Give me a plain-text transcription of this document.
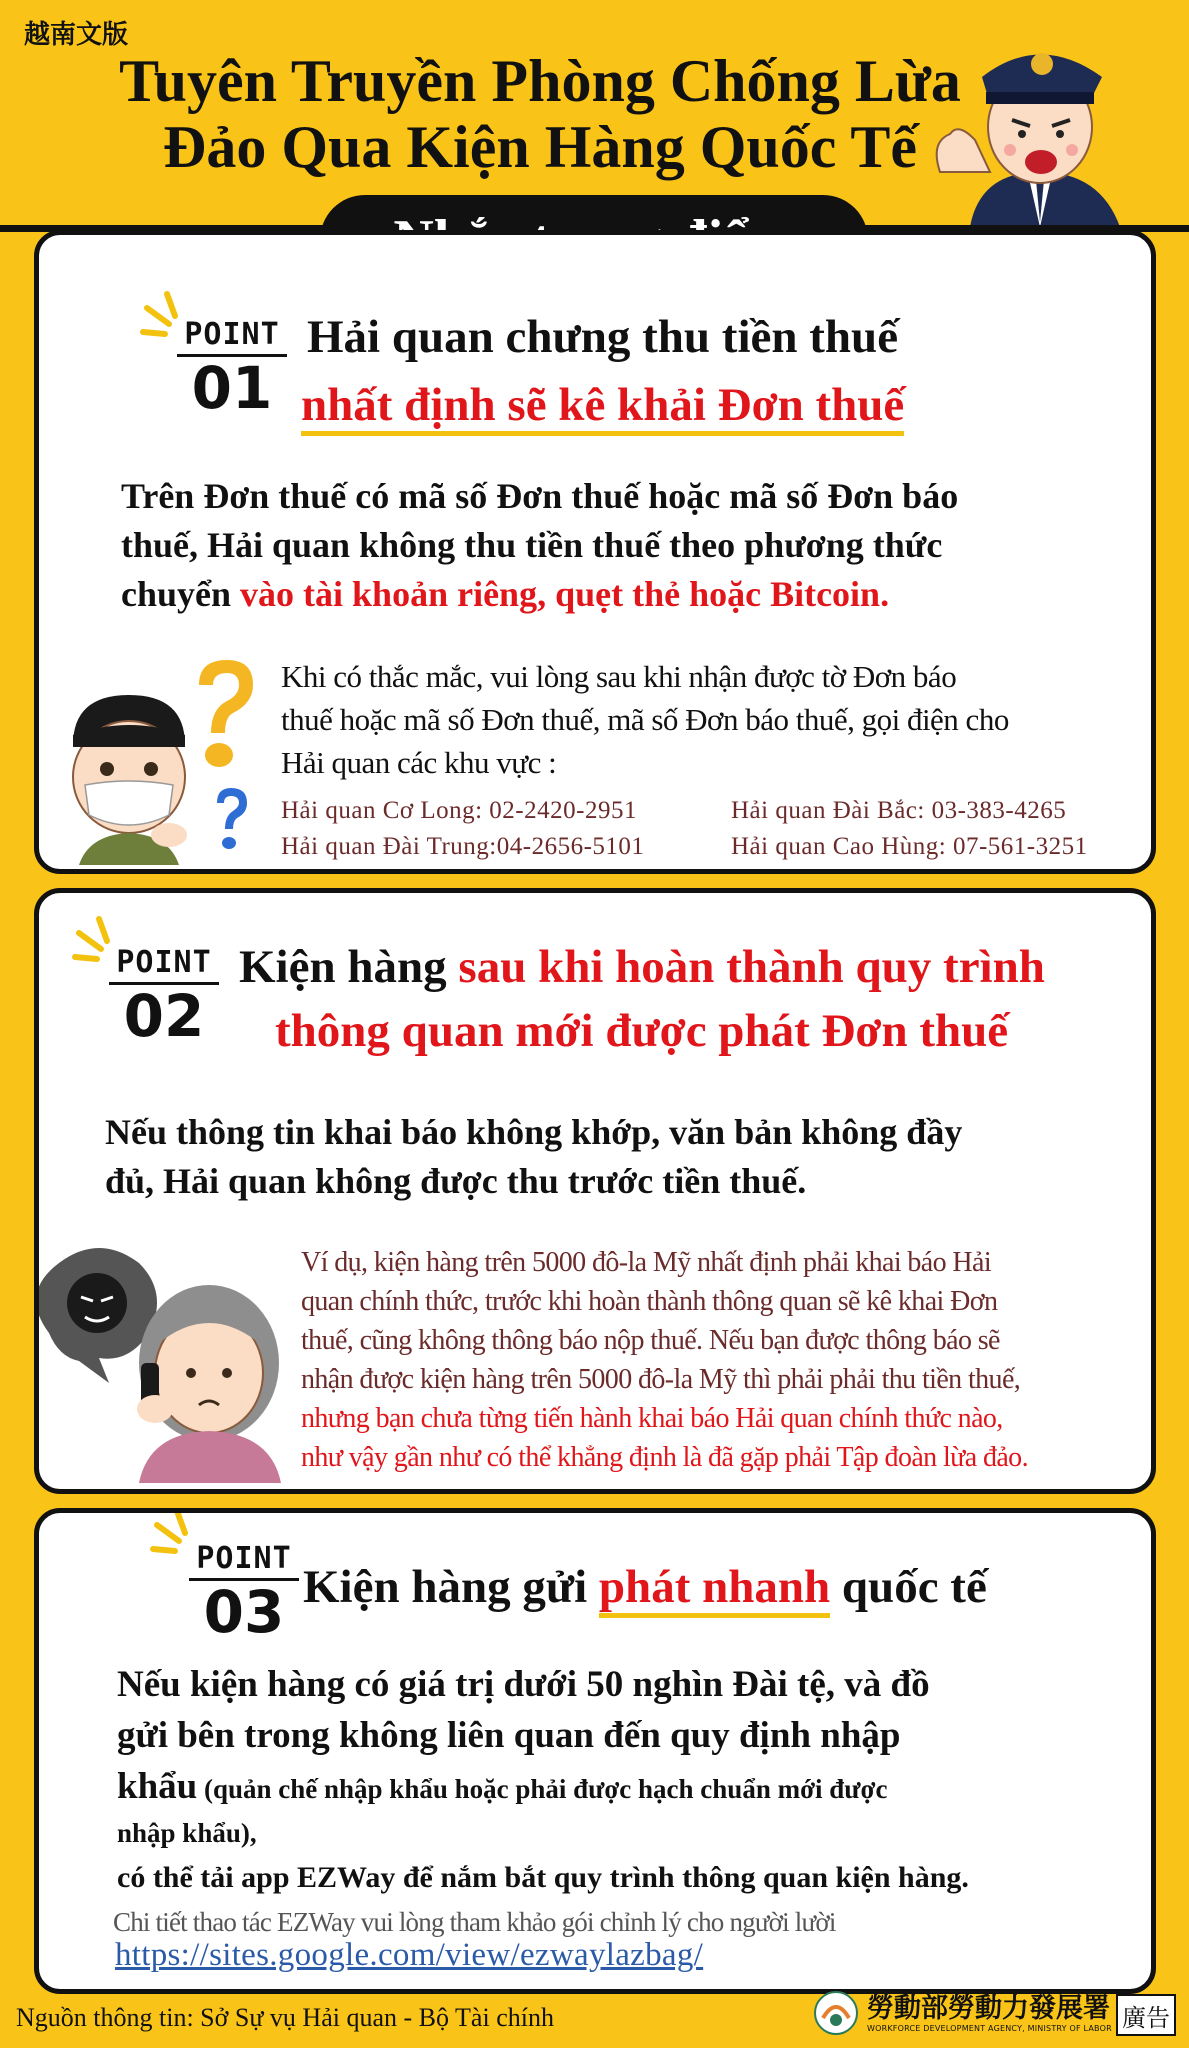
越南文版
Tuyên Truyền Phòng Chống Lừa
Đảo Qua Kiện Hàng Quốc Tế
POINT
01
Hải quan chưng thu tiền thuế
nhất định sẽ kê khải Đơn thuế
Trên Đơn thuế có mã số Đơn thuế hoặc mã số Đơn báo
thuế, Hải quan không thu tiền thuế theo phương thức
chuyển vào tài khoản riêng, quẹt thẻ hoặc Bitcoin.
Khi có thắc mắc, vui lòng sau khi nhận được tờ Đơn báo
thuế hoặc mã số Đơn thuế, mã số Đơn báo thuế, gọi điện cho
Hải quan các khu vực :
Hải quan Cơ Long: 02-2420-2951	Hải quan Đài Bắc: 03-383-4265
Hải quan Đài Trung:04-2656-5101	Hải quan Cao Hùng: 07-561-3251
POINT
02
Kiện hàng sau khi hoàn thành quy trình
thông quan mới được phát Đơn thuế
Nếu thông tin khai báo không khớp, văn bản không đầy
đủ, Hải quan không được thu trước tiền thuế.
Ví dụ, kiện hàng trên 5000 đô-la Mỹ nhất định phải khai báo Hải
quan chính thức, trước khi hoàn thành thông quan sẽ kê khai Đơn
thuế, cũng không thông báo nộp thuế. Nếu bạn được thông báo sẽ
nhận được kiện hàng trên 5000 đô-la Mỹ thì phải phải thu tiền thuế,
nhưng bạn chưa từng tiến hành khai báo Hải quan chính thức nào,
như vậy gần như có thể khẳng định là đã gặp phải Tập đoàn lừa đảo.
POINT
03 Kiện hàng gửi phát nhanh quốc tế
Nếu kiện hàng có giá trị dưới 50 nghìn Đài tệ, và đồ
gửi bên trong không liên quan đến quy định nhập
khẩu (quản chế nhập khẩu hoặc phải được hạch chuẩn mới được
nhập khẩu),
có thể tải app EZWay để nắm bắt quy trình thông quan kiện hàng.
Chi tiết thao tác EZWay vui lòng tham khảo gói chỉnh lý cho người lười
https://sites.google.com/view/ezwaylazbag/
Nguồn thông tin: Sở Sự vụ Hải quan - Bộ Tài chính	勞動部勞動力發展署
WORKFORCE DEVELOPMENT AGENCY, MINISTRY OF LABOR 廣告
